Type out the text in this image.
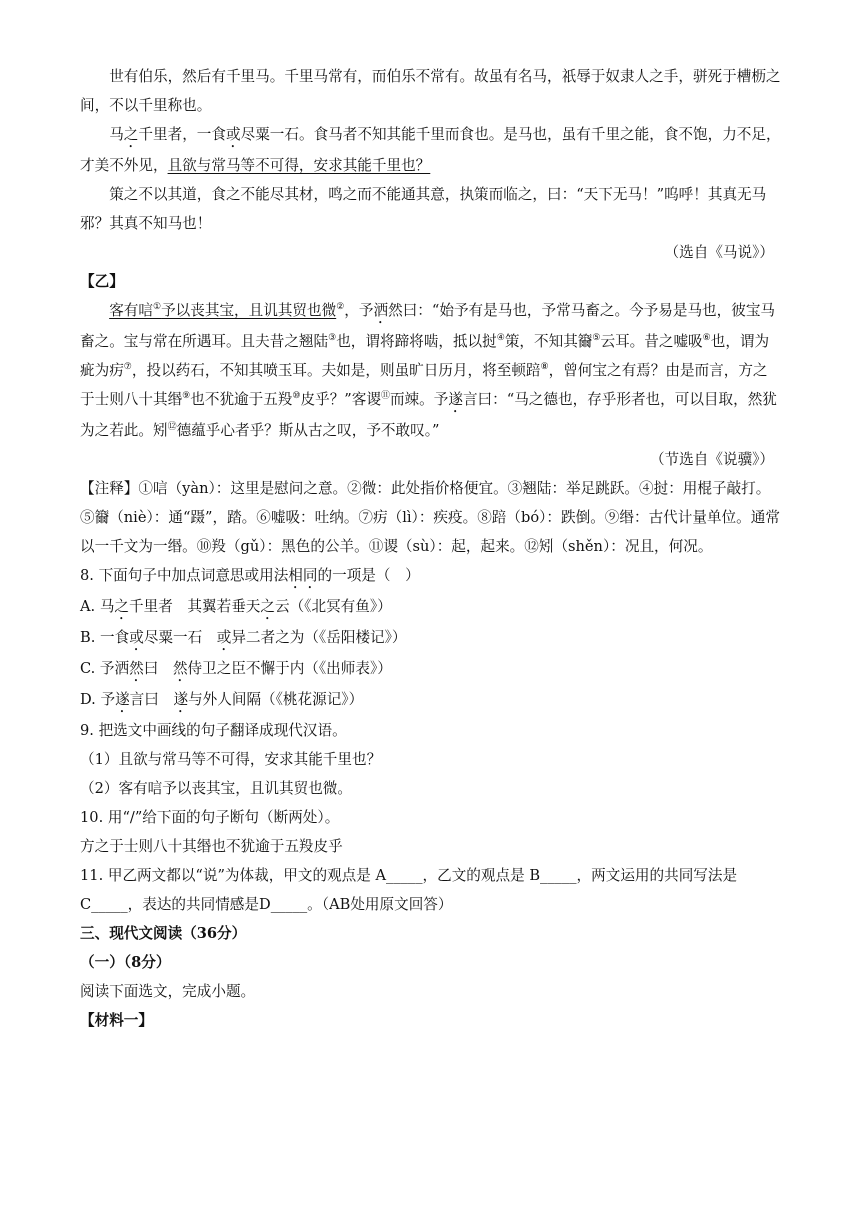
世有伯乐，然后有千里马。千里马常有，而伯乐不常有。故虽有名马，祇辱于奴隶人之手，骈死于槽枥之间，不以千里称也。

马之千里者，一食或尽粟一石。食马者不知其能千里而食也。是马也，虽有千里之能，食不饱，力不足，才美不外见，且欲与常马等不可得，安求其能千里也？

策之不以其道，食之不能尽其材，鸣之而不能通其意，执策而临之，曰：“天下无马！”呜呼！其真无马邪？其真不知马也！

（选自《马说》）

【乙】

客有唁①予以丧其宝，且讥其贸也微②，予洒然曰：“始予有是马也，予常马畜之。今予易是马也，彼宝马畜之。宝与常在所遇耳。且夫昔之翘陆③也，谓将蹄将啮，抵以挝④策，不知其籋⑤云耳。昔之嘘吸⑥也，谓为疵为疠⑦，投以药石，不知其喷玉耳。夫如是，则虽旷日历月，将至顿踣⑧，曾何宝之有焉？由是而言，方之于士则八十其缗⑨也不犹逾于五羖⑩皮乎？”客谡⑪而竦。予遂言曰：“马之德也，存乎形者也，可以目取，然犹为之若此。矧⑫德蕴乎心者乎？斯从古之叹，予不敢叹。”

（节选自《说骥》）

【注释】①唁（yàn）：这里是慰问之意。②微：此处指价格便宜。③翘陆：举足跳跃。④挝：用棍子敲打。⑤籋（niè）：通“蹑”，踏。⑥嘘吸：吐纳。⑦疠（lì）：疾疫。⑧踣（bó）：跌倒。⑨缗：古代计量单位。通常以一千文为一缗。⑩羖（gǔ）：黑色的公羊。⑪谡（sù）：起，起来。⑫矧（shěn）：况且，何况。

8. 下面句子中加点词意思或用法相同的一项是（　）

A. 马之千里者　其翼若垂天之云（《北冥有鱼》）

B. 一食或尽粟一石　或异二者之为（《岳阳楼记》）

C. 予洒然曰　然侍卫之臣不懈于内（《出师表》）

D. 予遂言曰　遂与外人间隔（《桃花源记》）

9. 把选文中画线的句子翻译成现代汉语。

（1）且欲与常马等不可得，安求其能千里也？

（2）客有唁予以丧其宝，且讥其贸也微。

10. 用“/”给下面的句子断句（断两处）。

方之于士则八十其缗也不犹逾于五羖皮乎

11. 甲乙两文都以“说”为体裁，甲文的观点是 A_____，乙文的观点是 B_____，两文运用的共同写法是C_____，表达的共同情感是D_____。（AB处用原文回答）

三、现代文阅读（36分）

（一）（8分）

阅读下面选文，完成小题。

【材料一】
